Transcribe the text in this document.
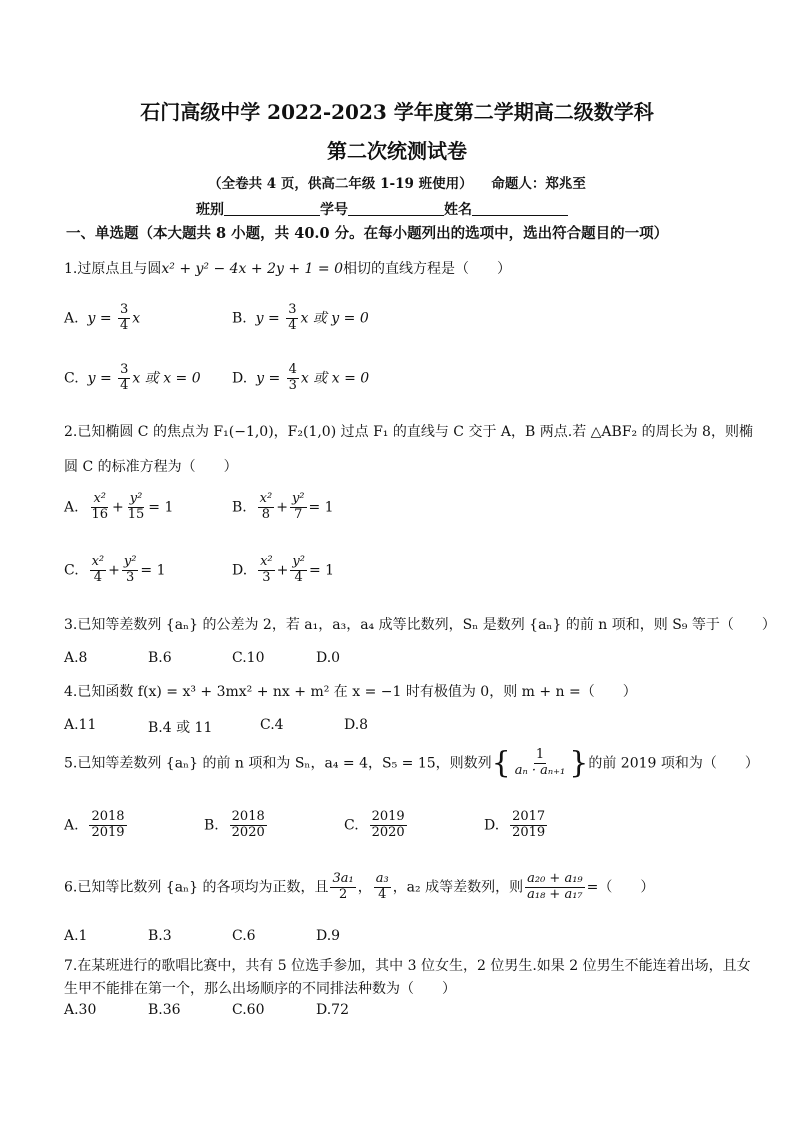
石门高级中学 2022-2023 学年度第二学期高二级数学科
第二次统测试卷
（全卷共 4 页，供高二年级 1-19 班使用）    命题人：郑兆至
班别	学号	姓名
一、单选题（本大题共 8 小题，共 40.0 分。在每小题列出的选项中，选出符合题目的一项）
1.过原点且与圆x² + y² − 4x + 2y + 1 = 0相切的直线方程是（　　）
A. $y = \frac{3}{4}$ x	B. $y = \frac{3}{4}$ x 或 y = 0
C. $y = \frac{3}{4}$ x 或 x = 0 D. $y = \frac{4}{3}$ x 或 x = 0
2.已知椭圆 C 的焦点为 F₁(−1,0)，F₂(1,0) 过点 F₁ 的直线与 C 交于 A，B 两点.若 △ABF₂ 的周长为 8，则椭
圆 C 的标准方程为（　　）
A. $\frac{\text{x²}}{16} + \frac{\text{y²}}{15} = 1$	B. $\frac{\text{x²}}{8} + \frac{\text{y²}}{7} = 1$
C. $\frac{\text{x²}}{4} + \frac{\text{y²}}{3} = 1$	D. $\frac{\text{x²}}{3} + \frac{\text{y²}}{4} = 1$
3.已知等差数列 {aₙ} 的公差为 2，若 a₁，a₃，a₄ 成等比数列，Sₙ 是数列 {aₙ} 的前 n 项和，则 S₉ 等于（　　）
A.8	B.6	C.10	D.0
4.已知函数 f(x) = x³ + 3mx² + nx + m² 在 x = −1 时有极值为 0，则 m + n =（　　）
A.11	B.4 或 11	C.4	D.8
5.已知等差数列 {aₙ} 的前 n 项和为 Sₙ，a₄ = 4，S₅ = 15，则数列{ $\frac{1}{\text{aₙ · aₙ₊₁}}$ }的前 2019 项和为（　　）
A. $\frac{2018}{2019}$	B. $\frac{2018}{2020}$	C. $\frac{2019}{2020}$	D. $\frac{2017}{2019}$
6.已知等比数列 {aₙ} 的各项均为正数，且 $\frac{\text{3a₁}}{2}$ ， $\frac{\text{a₃}}{4}$ ，a₂ 成等差数列，则 $\frac{\text{a₂₀ + a₁₉}}{\text{a₁₈ + a₁₇}}$ =（　　）
A.1	B.3	C.6	D.9
7.在某班进行的歌唱比赛中，共有 5 位选手参加，其中 3 位女生，2 位男生.如果 2 位男生不能连着出场，且女
生甲不能排在第一个，那么出场顺序的不同排法种数为（　　）
A.30	B.36	C.60	D.72
